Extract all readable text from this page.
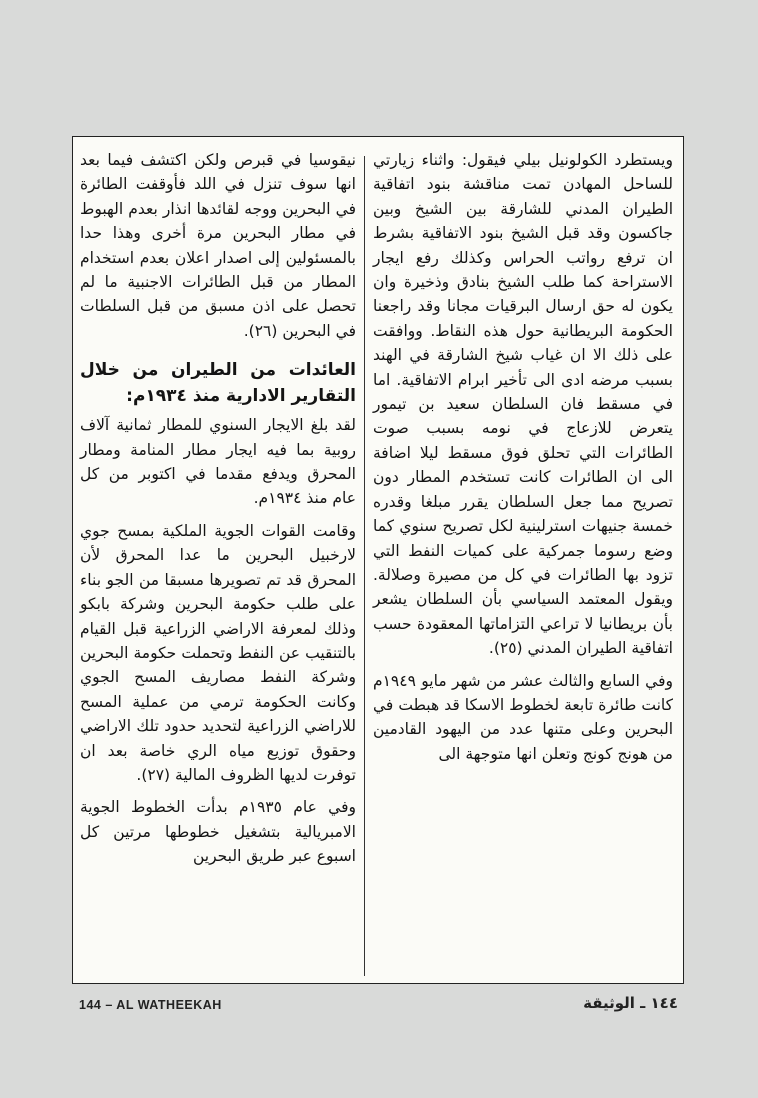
ويستطرد الكولونيل بيلي فيقول: واثناء زيارتي للساحل المهادن تمت مناقشة بنود اتفاقية الطيران المدني للشارقة بين الشيخ وبين جاكسون وقد قبل الشيخ بنود الاتفاقية بشرط ان ترفع رواتب الحراس وكذلك رفع ايجار الاستراحة كما طلب الشيخ بنادق وذخيرة وان يكون له حق ارسال البرقيات مجانا وقد راجعنا الحكومة البريطانية حول هذه النقاط. ووافقت على ذلك الا ان غياب شيخ الشارقة في الهند بسبب مرضه ادى الى تأخير ابرام الاتفاقية. اما في مسقط فان السلطان سعيد بن تيمور يتعرض للازعاج في نومه بسبب صوت الطائرات التي تحلق فوق مسقط ليلا اضافة الى ان الطائرات كانت تستخدم المطار دون تصريح مما جعل السلطان يقرر مبلغا وقدره خمسة جنيهات استرلينية لكل تصريح سنوي كما وضع رسوما جمركية على كميات النفط التي تزود بها الطائرات في كل من مصيرة وصلالة. ويقول المعتمد السياسي بأن السلطان يشعر بأن بريطانيا لا تراعي التزاماتها المعقودة حسب اتفاقية الطيران المدني (٢٥).

وفي السابع والثالث عشر من شهر مايو ١٩٤٩م كانت طائرة تابعة لخطوط الاسكا قد هبطت في البحرين وعلى متنها عدد من اليهود القادمين من هونج كونج وتعلن انها متوجهة الى

نيقوسيا في قبرص ولكن اكتشف فيما بعد انها سوف تنزل في اللد فأوقفت الطائرة في البحرين ووجه لقائدها انذار بعدم الهبوط في مطار البحرين مرة أخرى وهذا حدا بالمسئولين إلى اصدار اعلان بعدم استخدام المطار من قبل الطائرات الاجنبية ما لم تحصل على اذن مسبق من قبل السلطات في البحرين (٢٦).

العائدات من الطيران من خلال التقارير الادارية منذ ١٩٣٤م:

لقد بلغ الايجار السنوي للمطار ثمانية آلاف روبية بما فيه ايجار مطار المنامة ومطار المحرق ويدفع مقدما في اكتوبر من كل عام منذ ١٩٣٤م.

وقامت القوات الجوية الملكية بمسح جوي لارخبيل البحرين ما عدا المحرق لأن المحرق قد تم تصويرها مسبقا من الجو بناء على طلب حكومة البحرين وشركة بابكو وذلك لمعرفة الاراضي الزراعية قبل القيام بالتنقيب عن النفط وتحملت حكومة البحرين وشركة النفط مصاريف المسح الجوي وكانت الحكومة ترمي من عملية المسح للاراضي الزراعية لتحديد حدود تلك الاراضي وحقوق توزيع مياه الري خاصة بعد ان توفرت لديها الظروف المالية (٢٧).

وفي عام ١٩٣٥م بدأت الخطوط الجوية الامبريالية بتشغيل خطوطها مرتين كل اسبوع عبر طريق البحرين

144 – AL WATHEEKAH	١٤٤ ـ الوثيقة
